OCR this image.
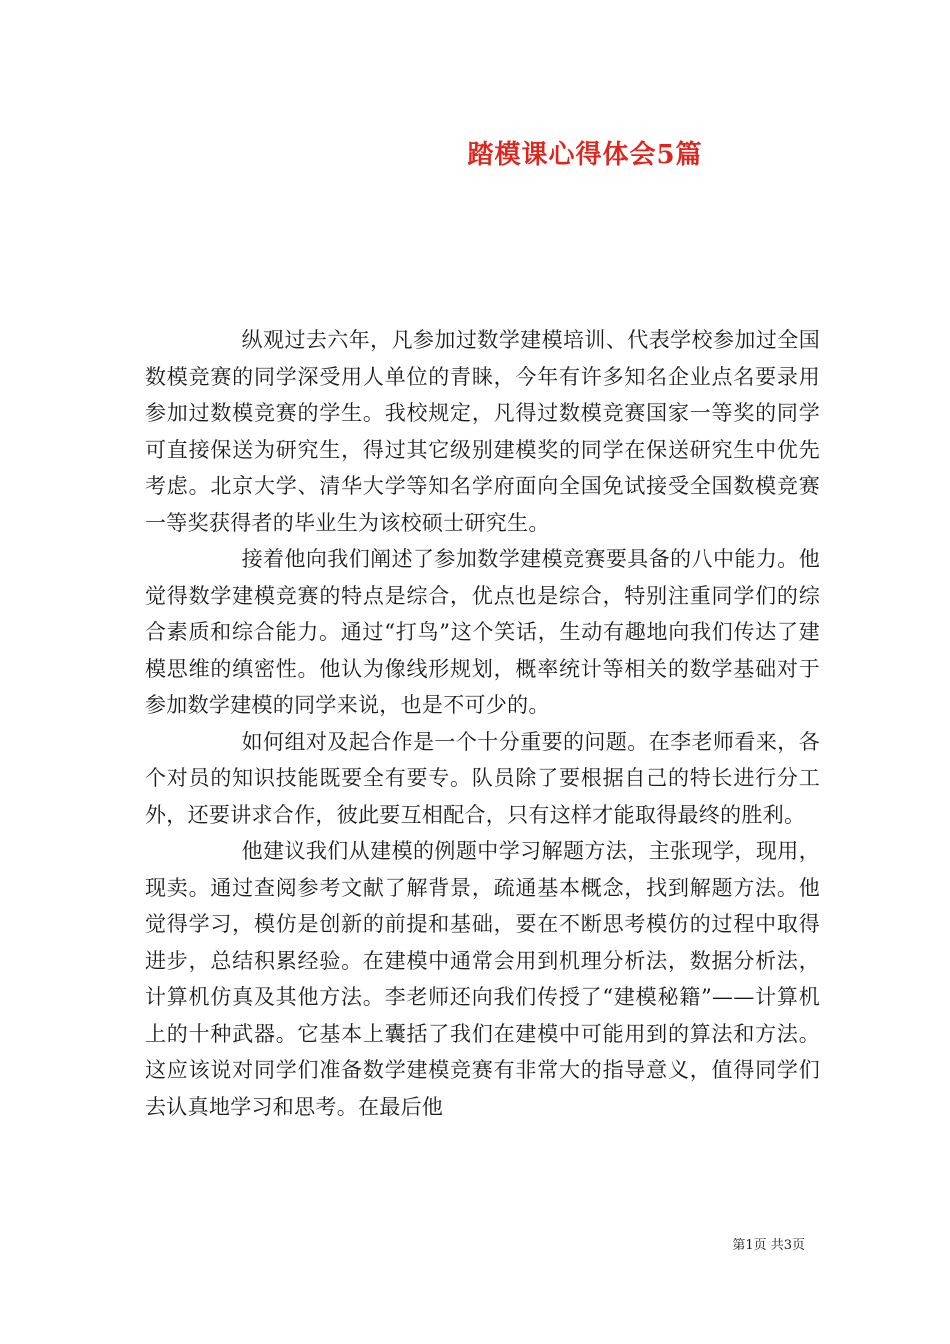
踏模课心得体会5篇

纵观过去六年，凡参加过数学建模培训、代表学校参加过全国数模竞赛的同学深受用人单位的青睐，今年有许多知名企业点名要录用参加过数模竞赛的学生。我校规定，凡得过数模竞赛国家一等奖的同学可直接保送为研究生，得过其它级别建模奖的同学在保送研究生中优先考虑。北京大学、清华大学等知名学府面向全国免试接受全国数模竞赛一等奖获得者的毕业生为该校硕士研究生。

接着他向我们阐述了参加数学建模竞赛要具备的八中能力。他觉得数学建模竞赛的特点是综合，优点也是综合，特别注重同学们的综合素质和综合能力。通过“打鸟”这个笑话，生动有趣地向我们传达了建模思维的缜密性。他认为像线形规划，概率统计等相关的数学基础对于参加数学建模的同学来说，也是不可少的。

如何组对及起合作是一个十分重要的问题。在李老师看来，各个对员的知识技能既要全有要专。队员除了要根据自己的特长进行分工外，还要讲求合作，彼此要互相配合，只有这样才能取得最终的胜利。

他建议我们从建模的例题中学习解题方法，主张现学，现用，现卖。通过查阅参考文献了解背景，疏通基本概念，找到解题方法。他觉得学习，模仿是创新的前提和基础，要在不断思考模仿的过程中取得进步，总结积累经验。在建模中通常会用到机理分析法，数据分析法，计算机仿真及其他方法。李老师还向我们传授了“建模秘籍”——计算机上的十种武器。它基本上囊括了我们在建模中可能用到的算法和方法。这应该说对同学们准备数学建模竞赛有非常大的指导意义，值得同学们去认真地学习和思考。在最后他

第1页 共3页
